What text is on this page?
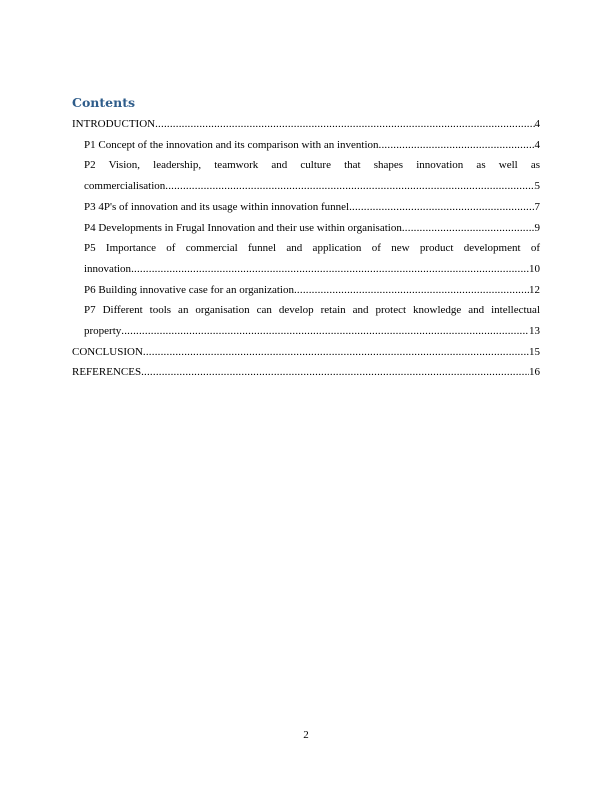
Contents
INTRODUCTION .....	4
P1 Concept of the innovation and its comparison with an invention .....	4
P2 Vision, leadership, teamwork and culture that shapes innovation as well as
commercialisation .....	5
P3 4P's of innovation and its usage within innovation funnel .....	7
P4 Developments in Frugal Innovation and their use within organisation .....	9
P5 Importance of commercial funnel and application of new product development of
innovation .....	10
P6 Building innovative case for an organization .....	12
P7 Different tools an organisation can develop retain and protect knowledge and intellectual
property .....	13
CONCLUSION .....	15
REFERENCES .....	16
2
